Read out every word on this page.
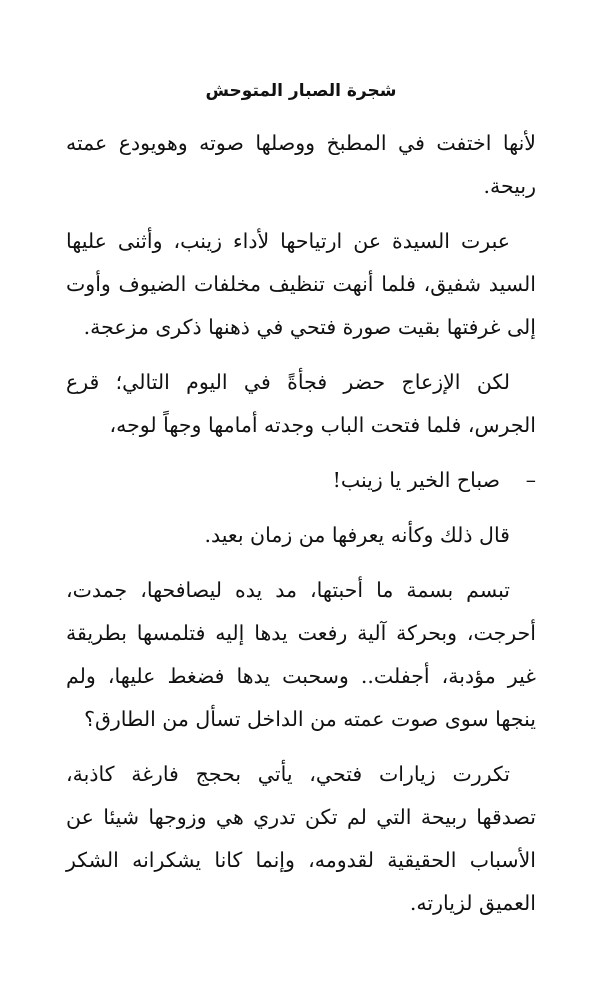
شجرة الصبار المتوحش

لأنها اختفت في المطبخ ووصلها صوته وهويودع عمته ربيحة.

عبرت السيدة عن ارتياحها لأداء زينب، وأثنى عليها السيد شفيق، فلما أنهت تنظيف مخلفات الضيوف وأوت إلى غرفتها بقيت صورة فتحي في ذهنها ذكرى مزعجة.

لكن الإزعاج حضر فجأةً في اليوم التالي؛ قرع الجرس، فلما فتحت الباب وجدته أمامها وجهاً لوجه،

–
صباح الخير يا زينب!

قال ذلك وكأنه يعرفها من زمان بعيد.

تبسم بسمة ما أحبتها، مد يده ليصافحها، جمدت، أحرجت، وبحركة آلية رفعت يدها إليه فتلمسها بطريقة غير مؤدبة، أجفلت.. وسحبت يدها فضغط عليها، ولم ينجها سوى صوت عمته من الداخل تسأل من الطارق؟

تكررت زيارات فتحي، يأتي بحجج فارغة كاذبة، تصدقها ربيحة التي لم تكن تدري هي وزوجها شيئا عن الأسباب الحقيقية لقدومه، وإنما كانا يشكرانه الشكر العميق لزيارته.
